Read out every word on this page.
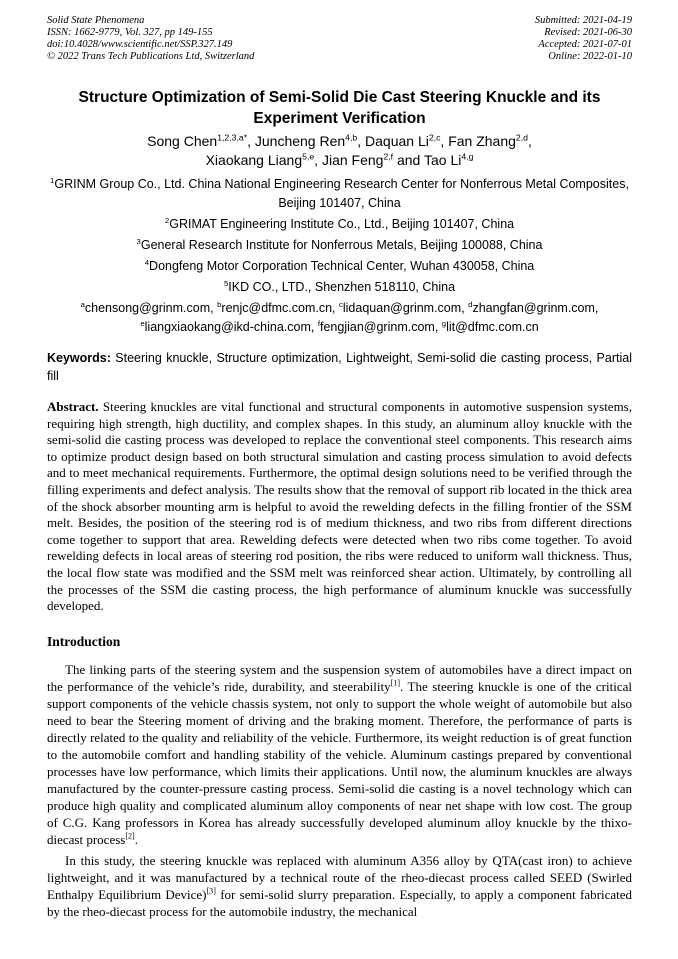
Solid State Phenomena
ISSN: 1662-9779, Vol. 327, pp 149-155
doi:10.4028/www.scientific.net/SSP.327.149
© 2022 Trans Tech Publications Ltd, Switzerland
Submitted: 2021-04-19
Revised: 2021-06-30
Accepted: 2021-07-01
Online: 2022-01-10
Structure Optimization of Semi-Solid Die Cast Steering Knuckle and its Experiment Verification
Song Chen$^{1,2,3,a*}$, Juncheng Ren$^{4,b}$, Daquan Li$^{2,c}$, Fan Zhang$^{2,d}$,
Xiaokang Liang$^{5,e}$, Jian Feng$^{2,f}$ and Tao Li$^{4,g}$
$^1$GRINM Group Co., Ltd. China National Engineering Research Center for Nonferrous Metal Composites, Beijing 101407, China
$^2$GRIMAT Engineering Institute Co., Ltd., Beijing 101407, China
$^3$General Research Institute for Nonferrous Metals, Beijing 100088, China
$^4$Dongfeng Motor Corporation Technical Center, Wuhan 430058, China
$^5$IKD CO., LTD., Shenzhen 518110, China
$^a$chensong@grinm.com, $^b$renjc@dfmc.com.cn, $^c$lidaquan@grinm.com, $^d$zhangfan@grinm.com,
$^e$liangxiaokang@ikd-china.com, $^f$fengjian@grinm.com, $^g$lit@dfmc.com.cn

Keywords: Steering knuckle, Structure optimization, Lightweight, Semi-solid die casting process, Partial fill

Abstract. Steering knuckles are vital functional and structural components in automotive suspension systems, requiring high strength, high ductility, and complex shapes. In this study, an aluminum alloy knuckle with the semi-solid die casting process was developed to replace the conventional steel components. This research aims to optimize product design based on both structural simulation and casting process simulation to avoid defects and to meet mechanical requirements. Furthermore, the optimal design solutions need to be verified through the filling experiments and defect analysis. The results show that the removal of support rib located in the thick area of the shock absorber mounting arm is helpful to avoid the rewelding defects in the filling frontier of the SSM melt. Besides, the position of the steering rod is of medium thickness, and two ribs from different directions come together to support that area. Rewelding defects were detected when two ribs come together. To avoid rewelding defects in local areas of steering rod position, the ribs were reduced to uniform wall thickness. Thus, the local flow state was modified and the SSM melt was reinforced shear action. Ultimately, by controlling all the processes of the SSM die casting process, the high performance of aluminum knuckle was successfully developed.

Introduction

The linking parts of the steering system and the suspension system of automobiles have a direct impact on the performance of the vehicle’s ride, durability, and steerability[1]. The steering knuckle is one of the critical support components of the vehicle chassis system, not only to support the whole weight of automobile but also need to bear the Steering moment of driving and the braking moment. Therefore, the performance of parts is directly related to the quality and reliability of the vehicle. Furthermore, its weight reduction is of great function to the automobile comfort and handling stability of the vehicle. Aluminum castings prepared by conventional processes have low performance, which limits their applications. Until now, the aluminum knuckles are always manufactured by the counter-pressure casting process. Semi-solid die casting is a novel technology which can produce high quality and complicated aluminum alloy components of near net shape with low cost. The group of C.G. Kang professors in Korea has already successfully developed aluminum alloy knuckle by the thixo-diecast process[2].

In this study, the steering knuckle was replaced with aluminum A356 alloy by QTA(cast iron) to achieve lightweight, and it was manufactured by a technical route of the rheo-diecast process called SEED (Swirled Enthalpy Equilibrium Device)[3] for semi-solid slurry preparation. Especially, to apply a component fabricated by the rheo-diecast process for the automobile industry, the mechanical
